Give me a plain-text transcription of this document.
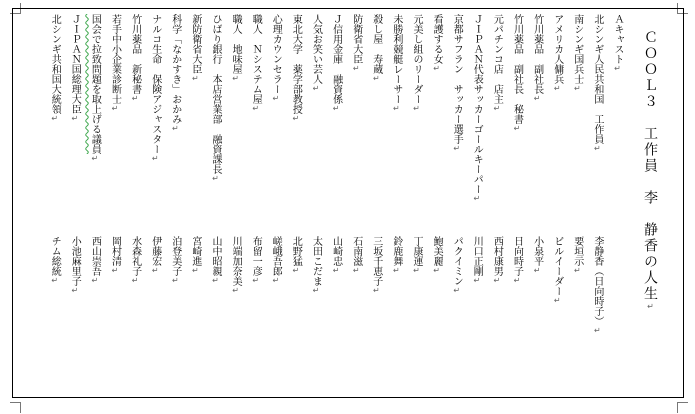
ＣＯＯＬ３　工作員　李　静香の人生↵
Ａキャスト↵
北シンギ人民共和国　工作員↵
李静香（日向時子）↵
南シンギ国兵士↵
要垣示↵
アメリカ人傭兵↵
ビルイーダー↵
竹川薬品　副社長↵
小泉平↵
竹川薬品　副社長　秘書↵
日向時子↵
元パチンコ店　店主↵
西村康男↵
ＪＩＰＡＮ代表サッカーゴールキーパー↵
川口正剛↵
京都サフラン　サッカー選手↵
パクイミン↵
看護する女↵
鮑美麗↵
元美し組のリーダー↵
丁康運↵
未勝利競艇レーサー↵
鈴鹿舞↵
殺し屋　寿蔵↵
三坂千恵子↵
防衛省大臣↵
石南滋↵
Ｊ信用金庫　融資係↵
山崎忠↵
人気お笑い芸人↵
太田こだま↵
東北大学　薬学部教授↵
北野猛↵
心理カウンセラー↵
嵯峨吾郎↵
職人　Ｎシステム屋↵
布留一彦↵
職人　地味屋↵
川端加奈美↵
ひばり銀行　本店営業部　融資課長↵
山中昭親↵
新防衛省大臣↵
宮崎進↵
科学「なかすき」おかみ↵
泊登美子↵
ナルコ生命　保険アジャスター↵
伊藤宏↵
竹川薬品　新秘書↵
水森礼子↵
若手中小企業診断士↵
岡村清↵
国会で拉致問題を取上げる議員↵
西山崇吾↵
ＪＩＰＡＮ国総理大臣↵
小池麻里子↵
北シンギ共和国大統領↵
チム総統↵
